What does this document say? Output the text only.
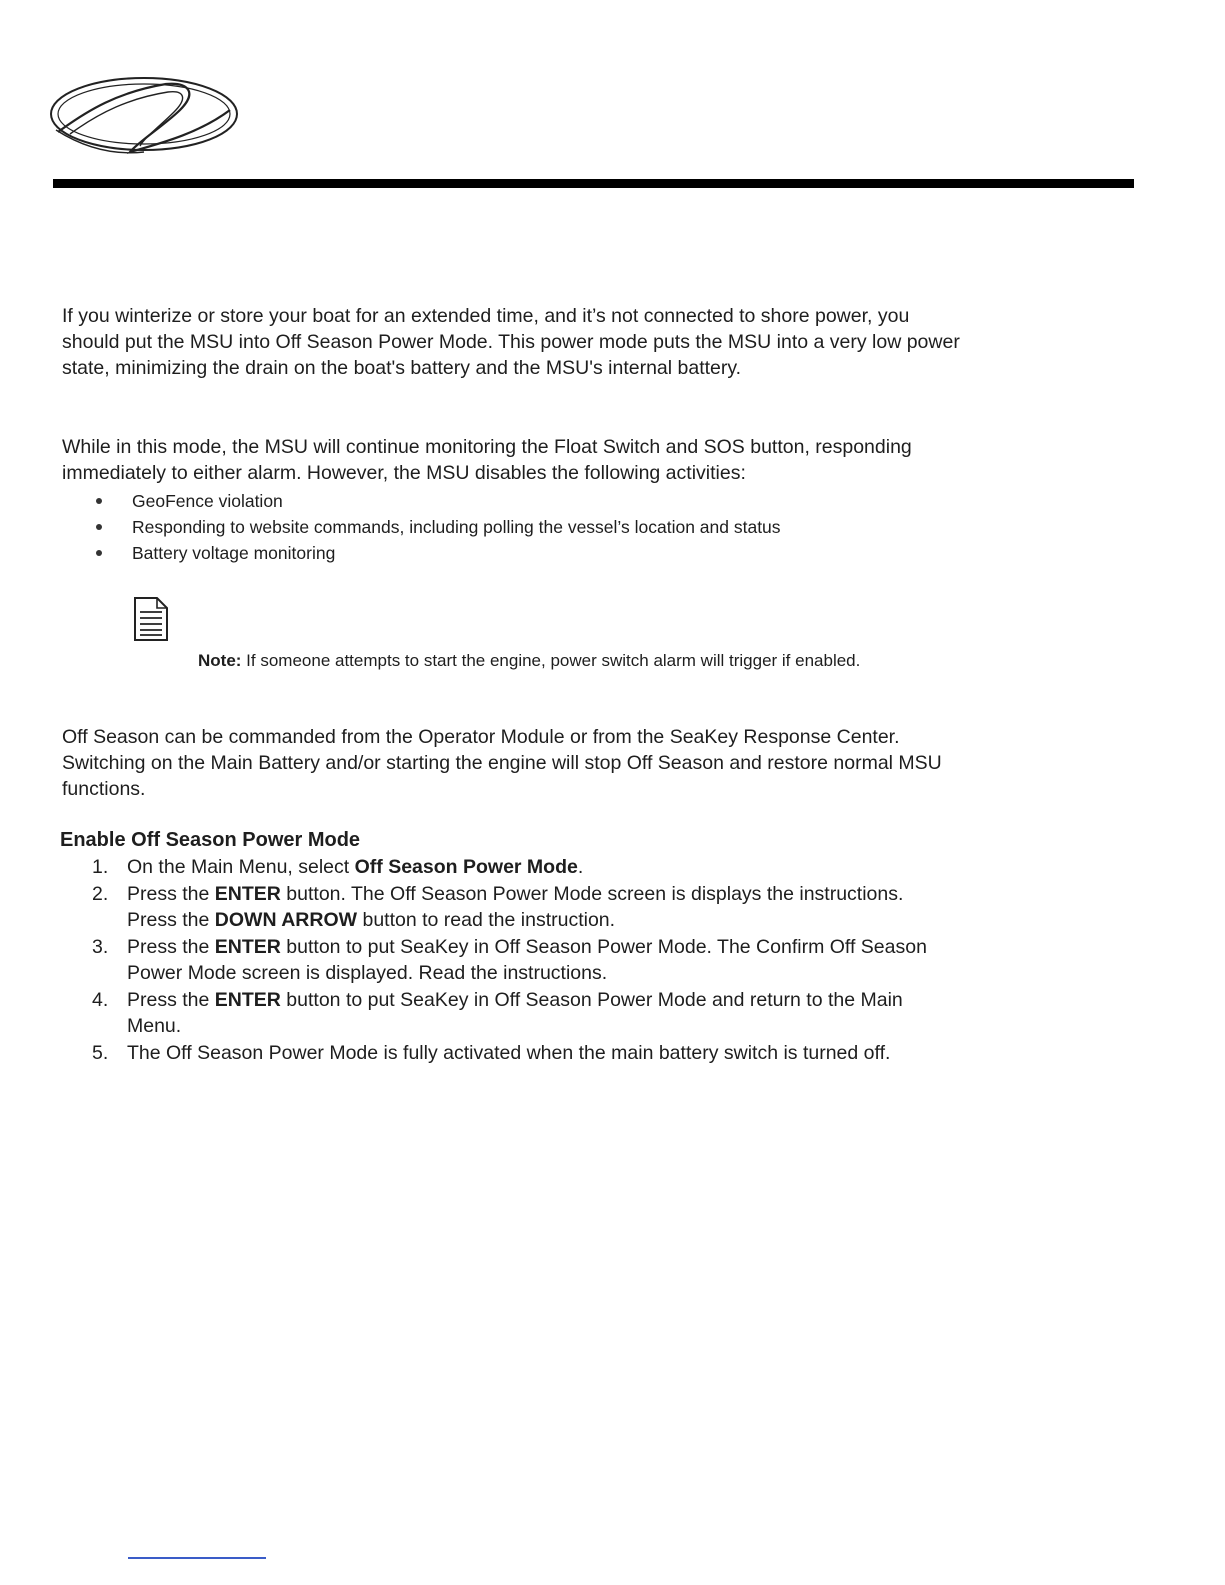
If you winterize or store your boat for an extended time, and it’s not connected to shore power, you should put the MSU into Off Season Power Mode. This power mode puts the MSU into a very low power state, minimizing the drain on the boat's battery and the MSU's internal battery.

While in this mode, the MSU will continue monitoring the Float Switch and SOS button, responding immediately to either alarm. However, the MSU disables the following activities:

GeoFence violation
Responding to website commands, including polling the vessel’s location and status
Battery voltage monitoring

Note: If someone attempts to start the engine, power switch alarm will trigger if enabled.

Off Season can be commanded from the Operator Module or from the SeaKey Response Center. Switching on the Main Battery and/or starting the engine will stop Off Season and restore normal MSU functions.

Enable Off Season Power Mode
1. On the Main Menu, select Off Season Power Mode.
2. Press the ENTER button. The Off Season Power Mode screen is displays the instructions. Press the DOWN ARROW button to read the instruction.
3. Press the ENTER button to put SeaKey in Off Season Power Mode. The Confirm Off Season Power Mode screen is displayed. Read the instructions.
4. Press the ENTER button to put SeaKey in Off Season Power Mode and return to the Main Menu.
5. The Off Season Power Mode is fully activated when the main battery switch is turned off.
